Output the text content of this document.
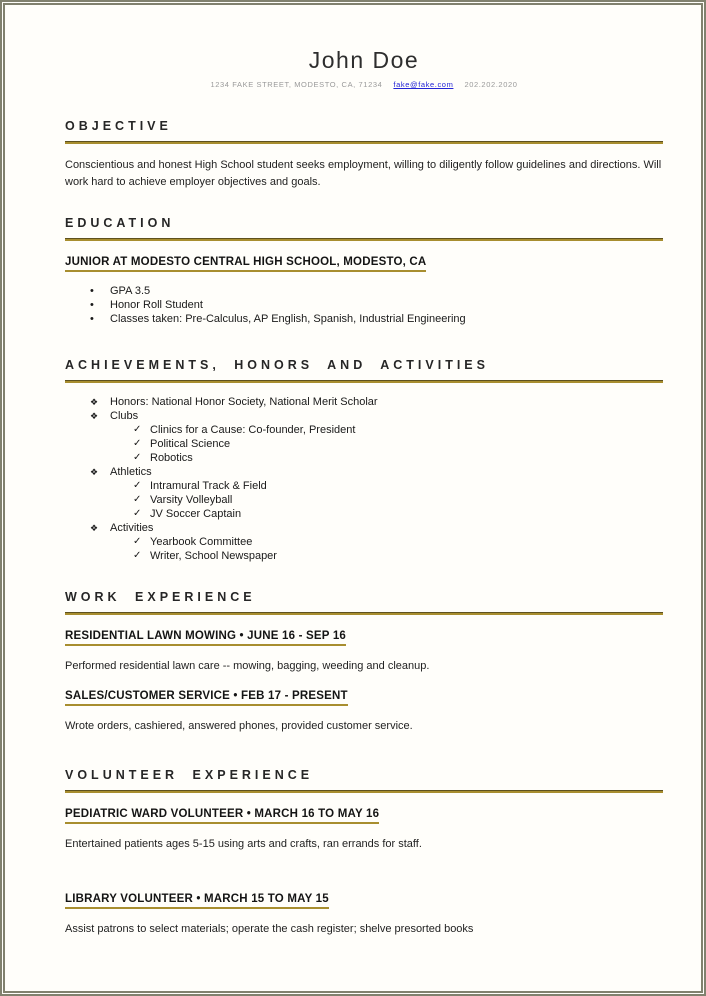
John Doe
1234 FAKE STREET, MODESTO, CA, 71234 fake@fake.com 202.202.2020
OBJECTIVE

Conscientious and honest High School student seeks employment, willing to diligently follow guidelines and directions. Will work hard to achieve employer objectives and goals.

EDUCATION
JUNIOR AT MODESTO CENTRAL HIGH SCHOOL, MODESTO, CA
•	GPA 3.5
•	Honor Roll Student
•	Classes taken: Pre-Calculus, AP English, Spanish, Industrial Engineering
ACHIEVEMENTS, HONORS AND ACTIVITIES
❖	Honors: National Honor Society, National Merit Scholar
❖	Clubs
✓ Clinics for a Cause: Co-founder, President
✓ Political Science
✓ Robotics
❖	Athletics
✓ Intramural Track & Field
✓ Varsity Volleyball
✓ JV Soccer Captain
❖	Activities
✓ Yearbook Committee
✓ Writer, School Newspaper
WORK EXPERIENCE
RESIDENTIAL LAWN MOWING • JUNE 16 - SEP 16

Performed residential lawn care -- mowing, bagging, weeding and cleanup.

SALES/CUSTOMER SERVICE • FEB 17 - PRESENT

Wrote orders, cashiered, answered phones, provided customer service.

VOLUNTEER EXPERIENCE
PEDIATRIC WARD VOLUNTEER • MARCH 16 TO MAY 16

Entertained patients ages 5-15 using arts and crafts, ran errands for staff.

LIBRARY VOLUNTEER • MARCH 15 TO MAY 15

Assist patrons to select materials; operate the cash register; shelve presorted books
